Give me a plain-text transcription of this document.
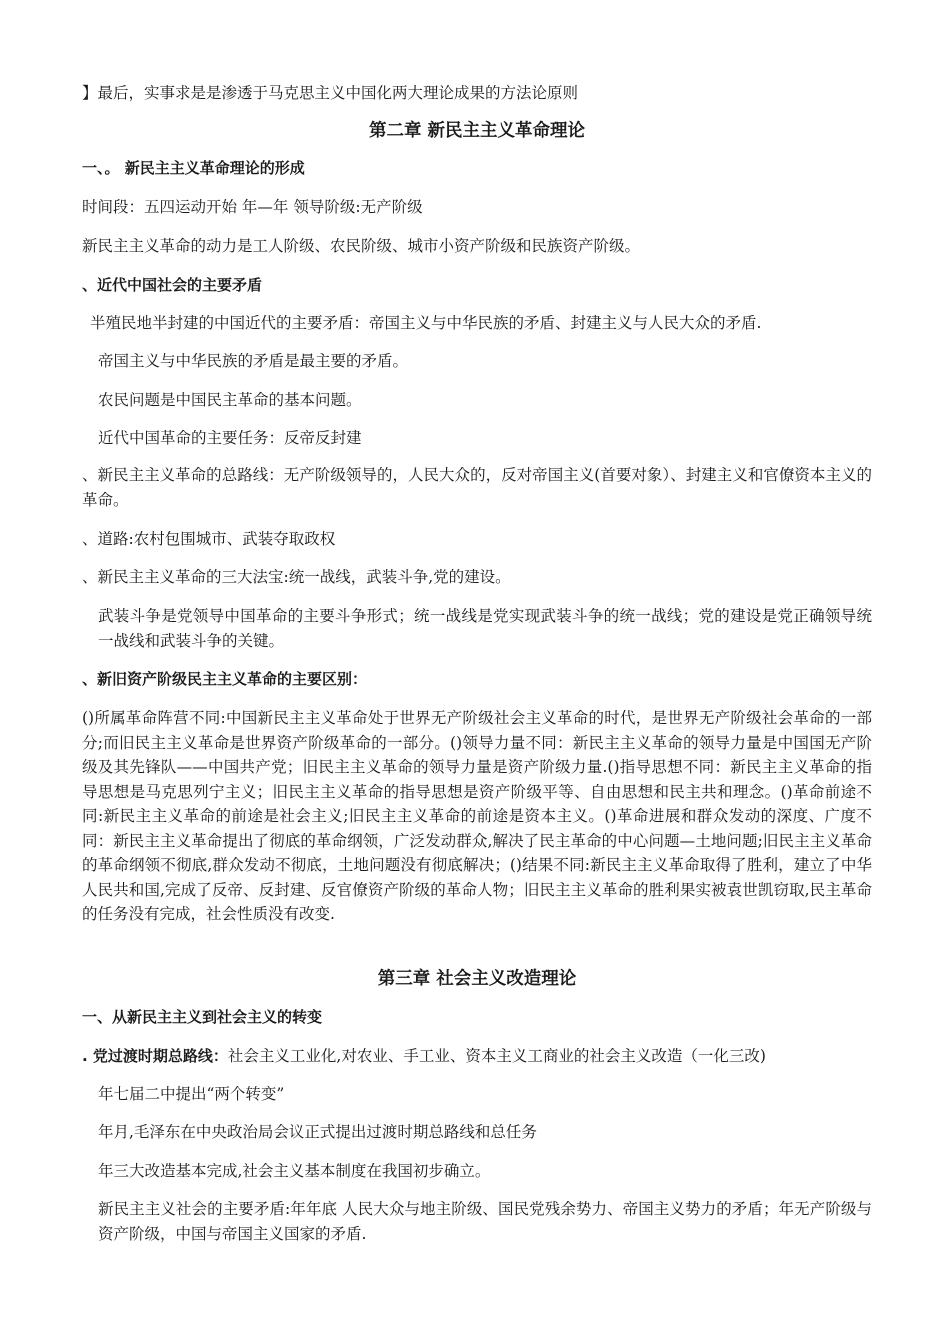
】最后，实事求是是渗透于马克思主义中国化两大理论成果的方法论原则
第二章 新民主主义革命理论
一、。 新民主主义革命理论的形成
时间段：五四运动开始 年—年 领导阶级:无产阶级
新民主主义革命的动力是工人阶级、农民阶级、城市小资产阶级和民族资产阶级。
、近代中国社会的主要矛盾
半殖民地半封建的中国近代的主要矛盾：帝国主义与中华民族的矛盾、封建主义与人民大众的矛盾.
帝国主义与中华民族的矛盾是最主要的矛盾。
农民问题是中国民主革命的基本问题。
近代中国革命的主要任务：反帝反封建
、新民主主义革命的总路线：无产阶级领导的，人民大众的，反对帝国主义(首要对象）、封建主义和官僚资本主义的革命。
、道路:农村包围城市、武装夺取政权
、新民主主义革命的三大法宝:统一战线，武装斗争,党的建设。
武装斗争是党领导中国革命的主要斗争形式；统一战线是党实现武装斗争的统一战线；党的建设是党正确领导统一战线和武装斗争的关键。
、新旧资产阶级民主主义革命的主要区别：
()所属革命阵营不同:中国新民主主义革命处于世界无产阶级社会主义革命的时代，是世界无产阶级社会革命的一部分;而旧民主主义革命是世界资产阶级革命的一部分。()领导力量不同：新民主主义革命的领导力量是中国国无产阶级及其先锋队——中国共产党；旧民主主义革命的领导力量是资产阶级力量.()指导思想不同：新民主主义革命的指导思想是马克思列宁主义；旧民主主义革命的指导思想是资产阶级平等、自由思想和民主共和理念。()革命前途不同:新民主主义革命的前途是社会主义;旧民主主义革命的前途是资本主义。()革命进展和群众发动的深度、广度不同：新民主主义革命提出了彻底的革命纲领，广泛发动群众,解决了民主革命的中心问题—土地问题;旧民主主义革命的革命纲领不彻底,群众发动不彻底，土地问题没有彻底解决；()结果不同:新民主主义革命取得了胜利，建立了中华人民共和国,完成了反帝、反封建、反官僚资产阶级的革命人物；旧民主主义革命的胜利果实被袁世凯窃取,民主革命的任务没有完成，社会性质没有改变.
第三章 社会主义改造理论
一、从新民主主义到社会主义的转变
. 党过渡时期总路线：社会主义工业化,对农业、手工业、资本主义工商业的社会主义改造（一化三改)
年七届二中提出“两个转变”
年月,毛泽东在中央政治局会议正式提出过渡时期总路线和总任务
年三大改造基本完成,社会主义基本制度在我国初步确立。
新民主主义社会的主要矛盾:年年底 人民大众与地主阶级、国民党残余势力、帝国主义势力的矛盾；年无产阶级与资产阶级，中国与帝国主义国家的矛盾.
